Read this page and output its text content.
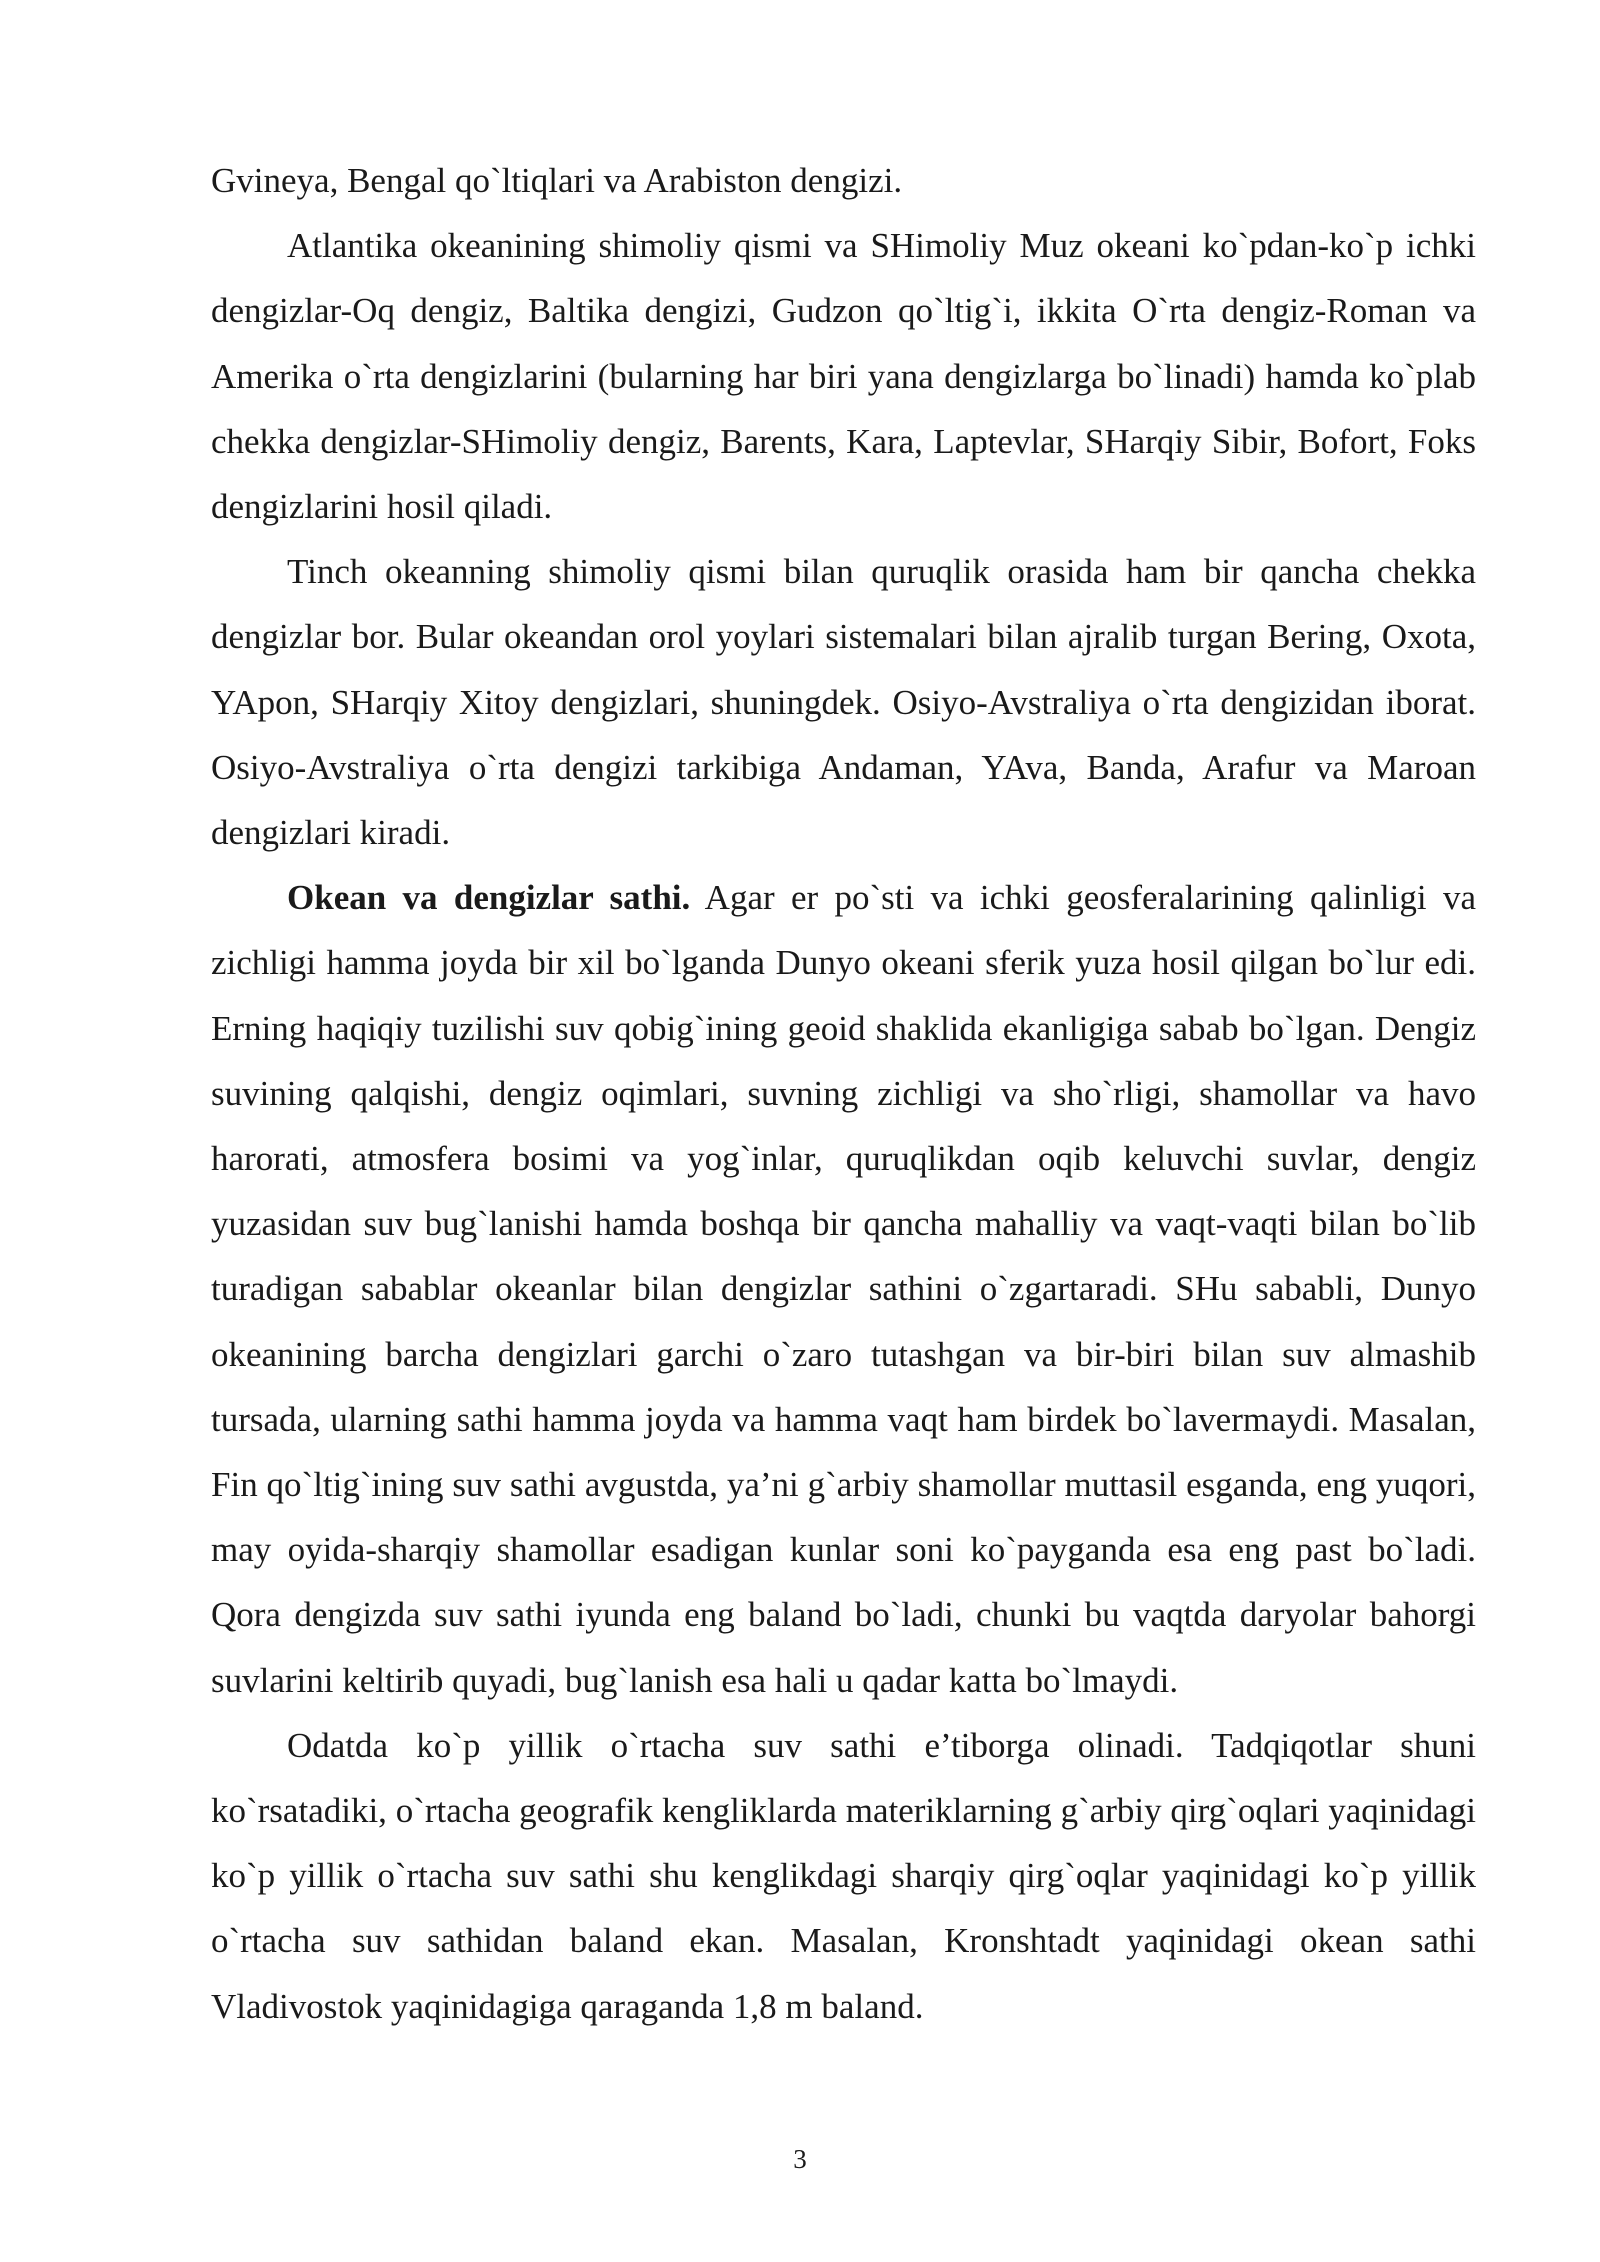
Gvineya, Bengal qo`ltiqlari va Arabiston dengizi.

Atlantika okeanining shimoliy qismi va SHimoliy Muz okeani ko`pdan-ko`p ichki dengizlar-Oq dengiz, Baltika dengizi, Gudzon qo`ltig`i, ikkita O`rta dengiz-Roman va Amerika o`rta dengizlarini (bularning har biri yana dengizlarga bo`linadi) hamda ko`plab chekka dengizlar-SHimoliy dengiz, Barents, Kara, Laptevlar, SHarqiy Sibir, Bofort, Foks dengizlarini hosil qiladi.

Tinch okeanning shimoliy qismi bilan quruqlik orasida ham bir qancha chekka dengizlar bor. Bular okeandan orol yoylari sistemalari bilan ajralib turgan Bering, Oxota, YApon, SHarqiy Xitoy dengizlari, shuningdek. Osiyo-Avstraliya o`rta dengizidan iborat. Osiyo-Avstraliya o`rta dengizi tarkibiga Andaman, YAva, Banda, Arafur va Maroan dengizlari kiradi.

Okean va dengizlar sathi. Agar er po`sti va ichki geosferalarining qalinligi va zichligi hamma joyda bir xil bo`lganda Dunyo okeani sferik yuza hosil qilgan bo`lur edi. Erning haqiqiy tuzilishi suv qobig`ining geoid shaklida ekanligiga sabab bo`lgan. Dengiz suvining qalqishi, dengiz oqimlari, suvning zichligi va sho`rligi, shamollar va havo harorati, atmosfera bosimi va yog`inlar, quruqlikdan oqib keluvchi suvlar, dengiz yuzasidan suv bug`lanishi hamda boshqa bir qancha mahalliy va vaqt-vaqti bilan bo`lib turadigan sabablar okeanlar bilan dengizlar sathini o`zgartaradi. SHu sababli, Dunyo okeanining barcha dengizlari garchi o`zaro tutashgan va bir-biri bilan suv almashib tursada, ularning sathi hamma joyda va hamma vaqt ham birdek bo`lavermaydi. Masalan, Fin qo`ltig`ining suv sathi avgustda, ya’ni g`arbiy shamollar muttasil esganda, eng yuqori, may oyida-sharqiy shamollar esadigan kunlar soni ko`payganda esa eng past bo`ladi. Qora dengizda suv sathi iyunda eng baland bo`ladi, chunki bu vaqtda daryolar bahorgi suvlarini keltirib quyadi, bug`lanish esa hali u qadar katta bo`lmaydi.

Odatda ko`p yillik o`rtacha suv sathi e’tiborga olinadi. Tadqiqotlar shuni ko`rsatadiki, o`rtacha geografik kengliklarda materiklarning g`arbiy qirg`oqlari yaqinidagi ko`p yillik o`rtacha suv sathi shu kenglikdagi sharqiy qirg`oqlar yaqinidagi ko`p yillik o`rtacha suv sathidan baland ekan. Masalan, Kronshtadt yaqinidagi okean sathi Vladivostok yaqinidagiga qaraganda 1,8 m baland.

3
